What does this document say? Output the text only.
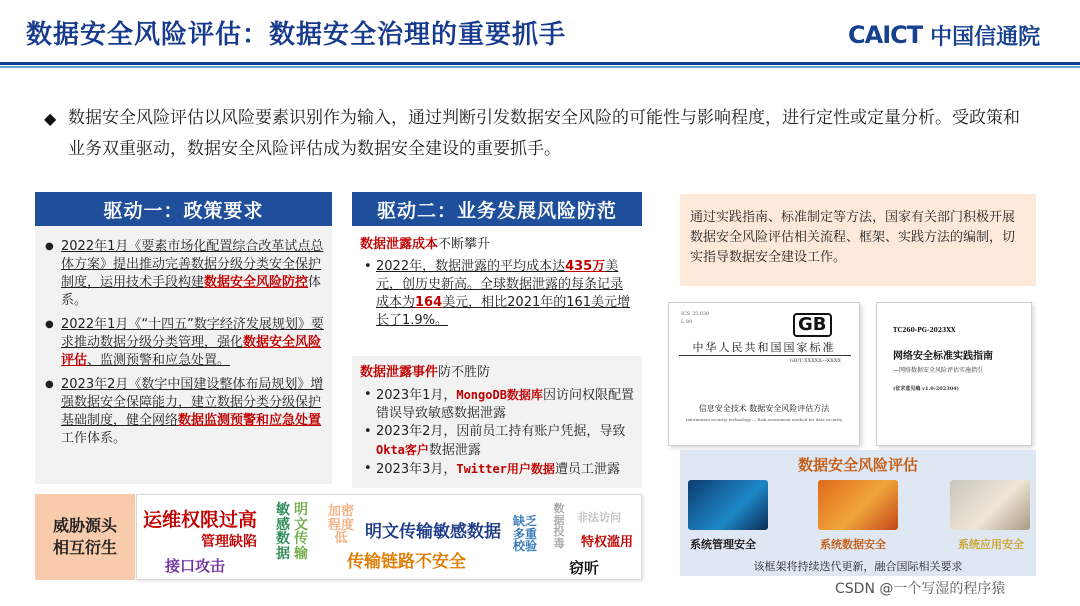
数据安全风险评估：数据安全治理的重要抓手	CAICT 中国信通院
◆ 数据安全风险评估以风险要素识别作为输入，通过判断引发数据安全风险的可能性与影响程度，进行定性或定量分析。受政策和业务双重驱动，数据安全风险评估成为数据安全建设的重要抓手。
驱动一：政策要求
● 2022年1月《要素市场化配置综合改革试点总体方案》提出推动完善数据分级分类安全保护制度，运用技术手段构建数据安全风险防控体系。
● 2022年1月《“十四五”数字经济发展规划》要求推动数据分级分类管理，强化数据安全风险评估、监测预警和应急处置。
● 2023年2月《数字中国建设整体布局规划》增强数据安全保障能力，建立数据分类分级保护基础制度，健全网络数据监测预警和应急处置工作体系。
驱动二：业务发展风险防范
数据泄露成本不断攀升
• 2022年，数据泄露的平均成本达435万美元，创历史新高。全球数据泄露的每条记录成本为164美元，相比2021年的161美元增长了1.9%。
数据泄露事件防不胜防
• 2023年1月，MongoDB数据库因访问权限配置错误导致敏感数据泄露
• 2023年2月，因前员工持有账户凭据，导致Okta客户数据泄露
• 2023年3月，Twitter用户数据遭员工泄露
通过实践指南、标准制定等方法，国家有关部门积极开展数据安全风险评估相关流程、框架、实践方法的编制，切实指导数据安全建设工作。
ICS 35.030
L 80	GB
中华人民共和国国家标准
GB/T XXXXX—XXXX
信息安全技术 数据安全风险评估方法
Information security technology — Risk assessment method for data security
TC260-PG-2023XX
网络安全标准实践指南
—网络数据安全风险评估实施指引
(征求意见稿 v1.0-202304)
数据安全风险评估
系统管理安全	系统数据安全	系统应用安全
该框架将持续迭代更新，融合国际相关要求
威胁源头
相互衍生
运维权限过高
管理缺陷
接口攻击
敏感数据
明文传输
加密程度低	明文传输敏感数据
传输链路不安全
缺乏多重校验
数据投毒
非法访问
特权滥用
窃听
CSDN @一个写湿的程序猿
